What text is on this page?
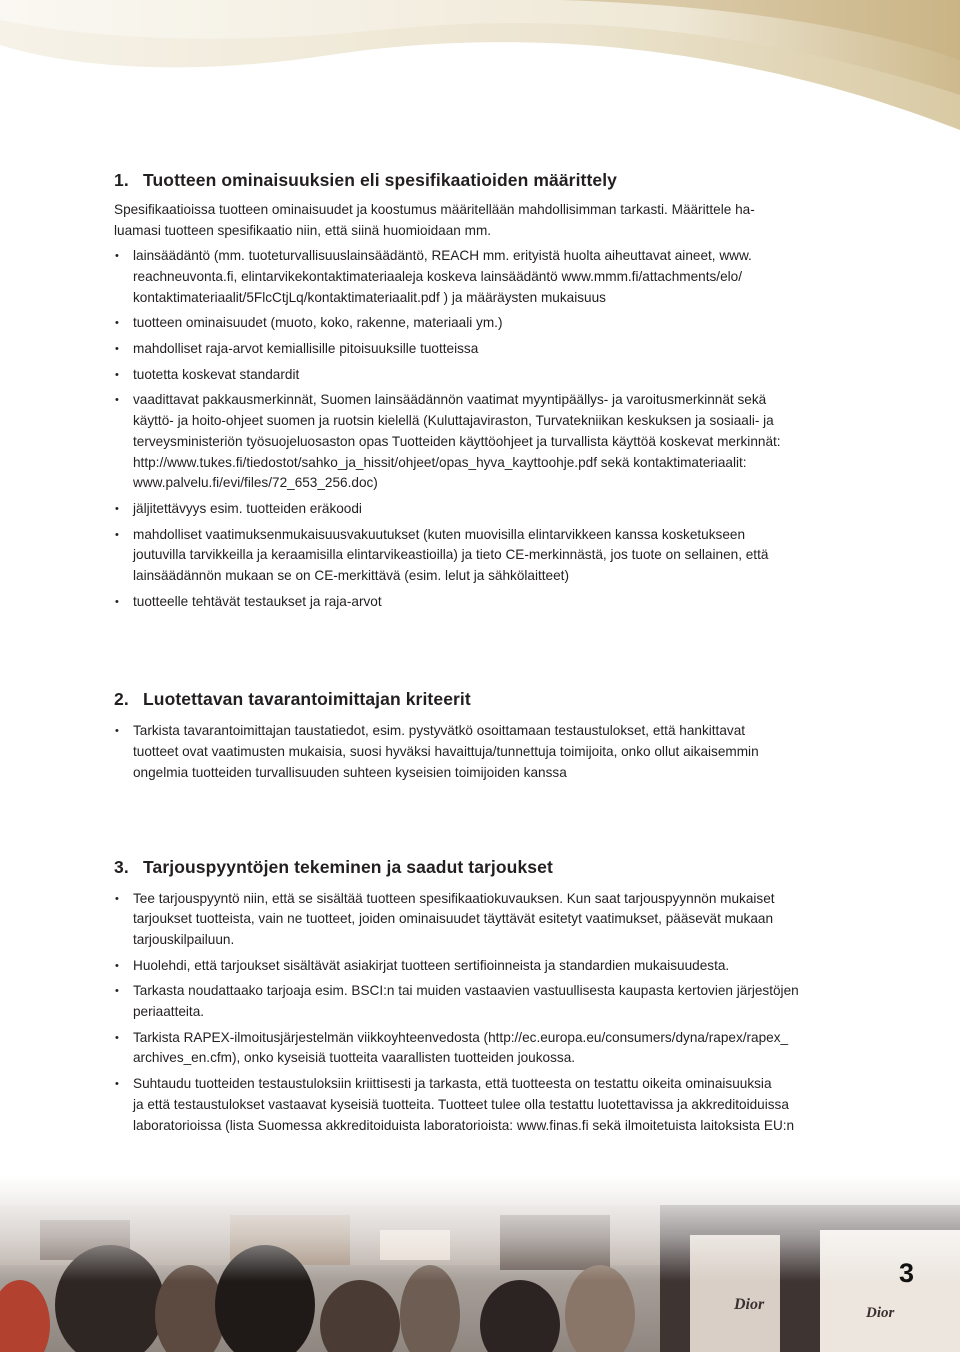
1. Tuotteen ominaisuuksien eli spesifikaatioiden määrittely

Spesifikaatioissa tuotteen ominaisuudet ja koostumus määritellään mahdollisimman tarkasti. Määrittele ha-
luamasi tuotteen spesifikaatio niin, että siinä huomioidaan mm.

• lainsäädäntö (mm. tuoteturvallisuuslainsäädäntö, REACH mm. erityistä huolta aiheuttavat aineet, www.
reachneuvonta.fi, elintarvikekontaktimateriaaleja koskeva lainsäädäntö www.mmm.fi/attachments/elo/
kontaktimateriaalit/5FlcCtjLq/kontaktimateriaalit.pdf ) ja määräysten mukaisuus
• tuotteen ominaisuudet (muoto, koko, rakenne, materiaali ym.)
• mahdolliset raja-arvot kemiallisille pitoisuuksille tuotteissa
• tuotetta koskevat standardit
• vaadittavat pakkausmerkinnät, Suomen lainsäädännön vaatimat myyntipäällys- ja varoitusmerkinnät sekä
käyttö- ja hoito-ohjeet suomen ja ruotsin kielellä (Kuluttajaviraston, Turvatekniikan keskuksen ja sosiaali- ja
terveysministeriön työsuojeluosaston opas Tuotteiden käyttöohjeet ja turvallista käyttöä koskevat merkinnät:
http://www.tukes.fi/tiedostot/sahko_ja_hissit/ohjeet/opas_hyva_kayttoohje.pdf sekä kontaktimateriaalit:
www.palvelu.fi/evi/files/72_653_256.doc)
• jäljitettävyys esim. tuotteiden eräkoodi
• mahdolliset vaatimuksenmukaisuusvakuutukset (kuten muovisilla elintarvikkeen kanssa kosketukseen
joutuvilla tarvikkeilla ja keraamisilla elintarvikeastioilla) ja tieto CE-merkinnästä, jos tuote on sellainen, että
lainsäädännön mukaan se on CE-merkittävä (esim. lelut ja sähkölaitteet)
• tuotteelle tehtävät testaukset ja raja-arvot
2. Luotettavan tavarantoimittajan kriteerit
• Tarkista tavarantoimittajan taustatiedot, esim. pystyvätkö osoittamaan testaustulokset, että hankittavat
tuotteet ovat vaatimusten mukaisia, suosi hyväksi havaittuja/tunnettuja toimijoita, onko ollut aikaisemmin
ongelmia tuotteiden turvallisuuden suhteen kyseisien toimijoiden kanssa
3. Tarjouspyyntöjen tekeminen ja saadut tarjoukset
• Tee tarjouspyyntö niin, että se sisältää tuotteen spesifikaatiokuvauksen. Kun saat tarjouspyynnön mukaiset
tarjoukset tuotteista, vain ne tuotteet, joiden ominaisuudet täyttävät esitetyt vaatimukset, pääsevät mukaan
tarjouskilpailuun.
• Huolehdi, että tarjoukset sisältävät asiakirjat tuotteen sertifioinneista ja standardien mukaisuudesta.
• Tarkasta noudattaako tarjoaja esim. BSCI:n tai muiden vastaavien vastuullisesta kaupasta kertovien järjestöjen
periaatteita.
• Tarkista RAPEX-ilmoitusjärjestelmän viikkoyhteenvedosta (http://ec.europa.eu/consumers/dyna/rapex/rapex_
archives_en.cfm), onko kyseisiä tuotteita vaarallisten tuotteiden joukossa.
• Suhtaudu tuotteiden testaustuloksiin kriittisesti ja tarkasta, että tuotteesta on testattu oikeita ominaisuuksia
ja että testaustulokset vastaavat kyseisiä tuotteita. Tuotteet tulee olla testattu luotettavissa ja akkreditoiduissa
laboratorioissa (lista Suomessa akkreditoiduista laboratorioista: www.finas.fi sekä ilmoitetuista laitoksista EU:n
Dior	Dior
3
